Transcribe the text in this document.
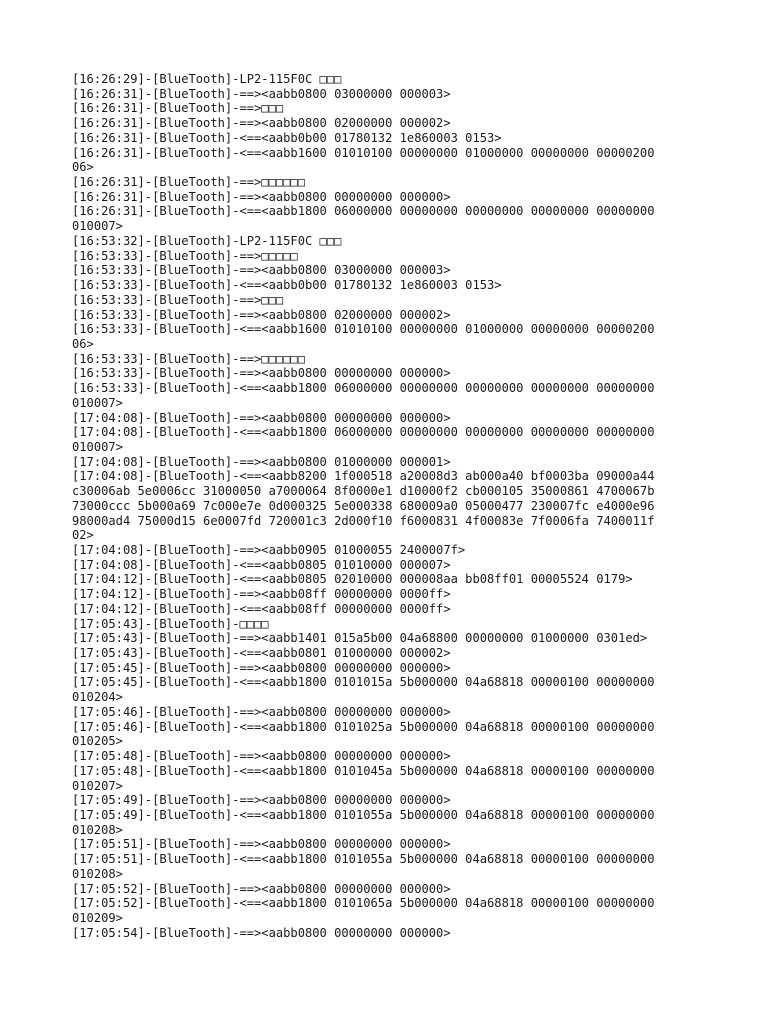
[16:26:29]-[BlueTooth]-LP2-115F0C □□□
[16:26:31]-[BlueTooth]-==><aabb0800 03000000 000003>
[16:26:31]-[BlueTooth]-==>□□□
[16:26:31]-[BlueTooth]-==><aabb0800 02000000 000002>
[16:26:31]-[BlueTooth]-<==<aabb0b00 01780132 1e860003 0153>
[16:26:31]-[BlueTooth]-<==<aabb1600 01010100 00000000 01000000 00000000 00000200
06>
[16:26:31]-[BlueTooth]-==>□□□□□□
[16:26:31]-[BlueTooth]-==><aabb0800 00000000 000000>
[16:26:31]-[BlueTooth]-<==<aabb1800 06000000 00000000 00000000 00000000 00000000
010007>
[16:53:32]-[BlueTooth]-LP2-115F0C □□□
[16:53:33]-[BlueTooth]-==>□□□□□
[16:53:33]-[BlueTooth]-==><aabb0800 03000000 000003>
[16:53:33]-[BlueTooth]-<==<aabb0b00 01780132 1e860003 0153>
[16:53:33]-[BlueTooth]-==>□□□
[16:53:33]-[BlueTooth]-==><aabb0800 02000000 000002>
[16:53:33]-[BlueTooth]-<==<aabb1600 01010100 00000000 01000000 00000000 00000200
06>
[16:53:33]-[BlueTooth]-==>□□□□□□
[16:53:33]-[BlueTooth]-==><aabb0800 00000000 000000>
[16:53:33]-[BlueTooth]-<==<aabb1800 06000000 00000000 00000000 00000000 00000000
010007>
[17:04:08]-[BlueTooth]-==><aabb0800 00000000 000000>
[17:04:08]-[BlueTooth]-<==<aabb1800 06000000 00000000 00000000 00000000 00000000
010007>
[17:04:08]-[BlueTooth]-==><aabb0800 01000000 000001>
[17:04:08]-[BlueTooth]-<==<aabb8200 1f000518 a20008d3 ab000a40 bf0003ba 09000a44
c30006ab 5e0006cc 31000050 a7000064 8f0000e1 d10000f2 cb000105 35000861 4700067b
73000ccc 5b000a69 7c000e7e 0d000325 5e000338 680009a0 05000477 230007fc e4000e96
98000ad4 75000d15 6e0007fd 720001c3 2d000f10 f6000831 4f00083e 7f0006fa 7400011f
02>
[17:04:08]-[BlueTooth]-==><aabb0905 01000055 2400007f>
[17:04:08]-[BlueTooth]-<==<aabb0805 01010000 000007>
[17:04:12]-[BlueTooth]-<==<aabb0805 02010000 000008aa bb08ff01 00005524 0179>
[17:04:12]-[BlueTooth]-==><aabb08ff 00000000 0000ff>
[17:04:12]-[BlueTooth]-<==<aabb08ff 00000000 0000ff>
[17:05:43]-[BlueTooth]-□□□□
[17:05:43]-[BlueTooth]-==><aabb1401 015a5b00 04a68800 00000000 01000000 0301ed>
[17:05:43]-[BlueTooth]-<==<aabb0801 01000000 000002>
[17:05:45]-[BlueTooth]-==><aabb0800 00000000 000000>
[17:05:45]-[BlueTooth]-<==<aabb1800 0101015a 5b000000 04a68818 00000100 00000000
010204>
[17:05:46]-[BlueTooth]-==><aabb0800 00000000 000000>
[17:05:46]-[BlueTooth]-<==<aabb1800 0101025a 5b000000 04a68818 00000100 00000000
010205>
[17:05:48]-[BlueTooth]-==><aabb0800 00000000 000000>
[17:05:48]-[BlueTooth]-<==<aabb1800 0101045a 5b000000 04a68818 00000100 00000000
010207>
[17:05:49]-[BlueTooth]-==><aabb0800 00000000 000000>
[17:05:49]-[BlueTooth]-<==<aabb1800 0101055a 5b000000 04a68818 00000100 00000000
010208>
[17:05:51]-[BlueTooth]-==><aabb0800 00000000 000000>
[17:05:51]-[BlueTooth]-<==<aabb1800 0101055a 5b000000 04a68818 00000100 00000000
010208>
[17:05:52]-[BlueTooth]-==><aabb0800 00000000 000000>
[17:05:52]-[BlueTooth]-<==<aabb1800 0101065a 5b000000 04a68818 00000100 00000000
010209>
[17:05:54]-[BlueTooth]-==><aabb0800 00000000 000000>
